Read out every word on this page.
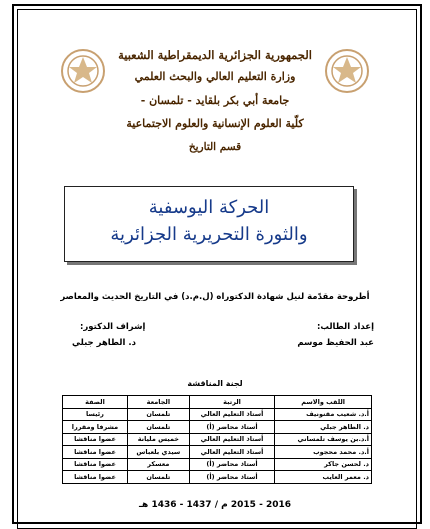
الجمهورية الجزائرية الديمقراطية الشعبية
وزارة التعليم العالي والبحث العلمي
جامعة أبي بكر بلقايد - تلمسان -
كلّية العلوم الإنسانية والعلوم الاجتماعية
قسم التاريخ
الحركة اليوسفية
والثورة التحريرية الجزائرية
أطروحة مقدّمة لنيل شهادة الدكتوراه (ل.م.د) في التاريخ الحديث والمعاصر
إعداد الطالب:
عبد الحفيظ موسم
إشراف الدكتور:
د. الطاهر جبلي
لجنة المناقشة
اللقب والاسم	الرتبة	الجامعة	الصفة
أ.د. شعيب مقنونيف	أستاذ التعليم العالي	تلمسان	رئيسا
د. الطاهر جبلي	أستاذ محاضر (أ)	تلمسان	مشرفا ومقررا
أ.د.بن يوسف تلمساني	أستاذ التعليم العالي	خميس مليانة	عضوا مناقشا
أ.د. محمد محجوب	أستاذ التعليم العالي	سيدي بلعباس	عضوا مناقشا
د. لحسن جاكر	أستاذ محاضر (أ)	معسكر	عضوا مناقشا
د. معمر العايب	أستاذ محاضر (أ)	تلمسان	عضوا مناقشا
2016 - 2015 م / 1437 - 1436 هـ
